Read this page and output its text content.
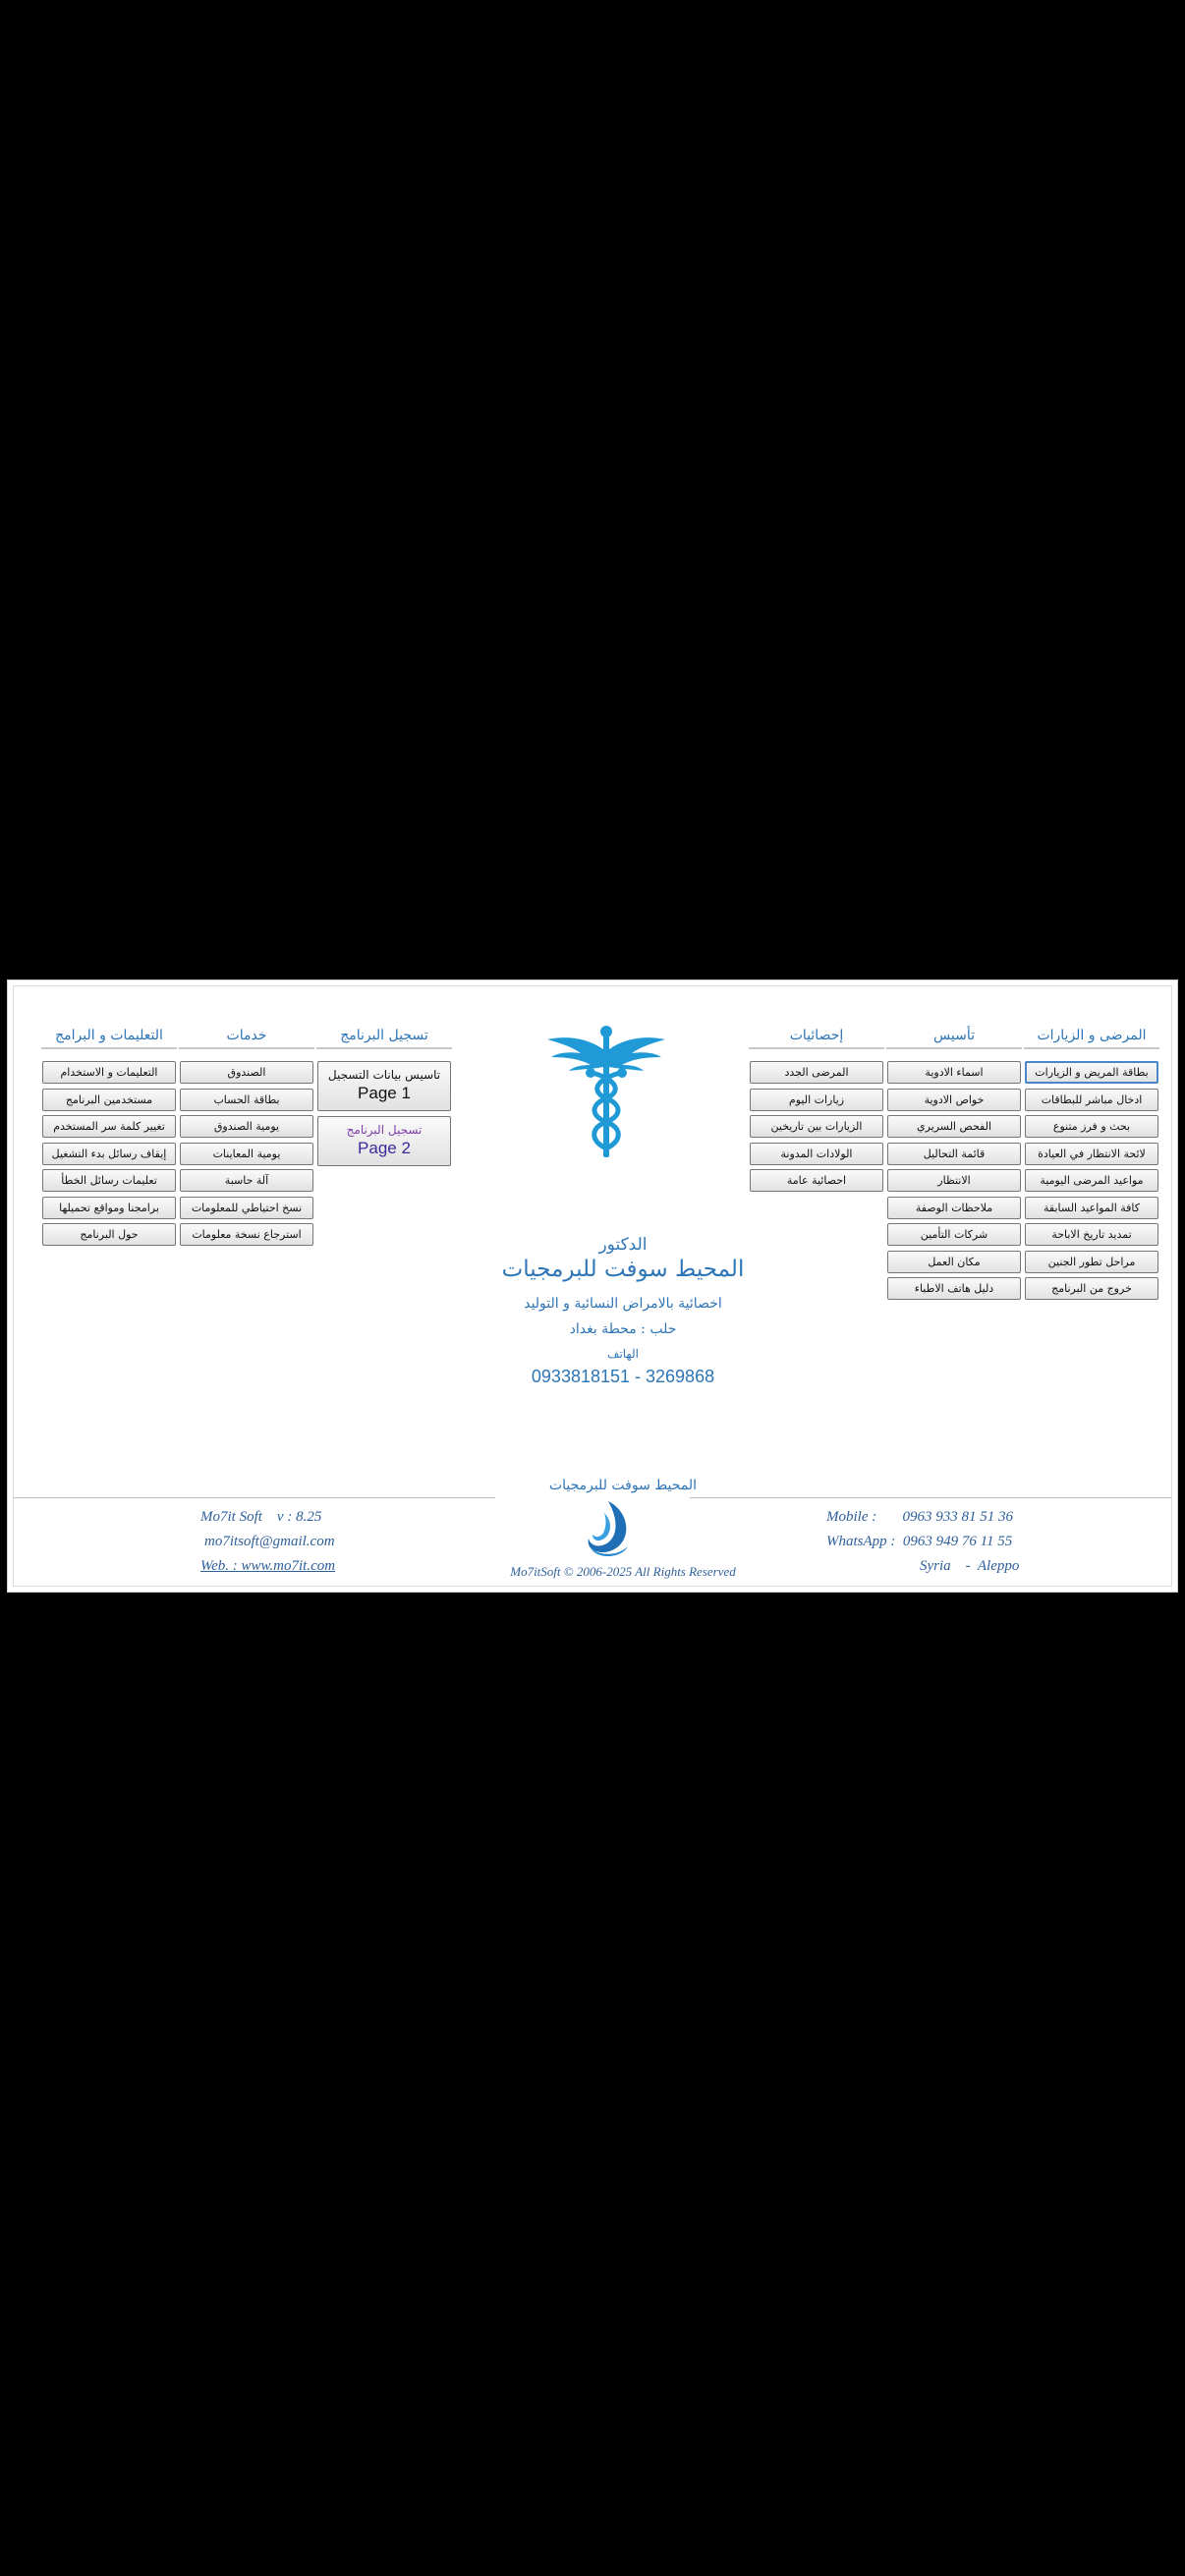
المرضى و الزيارات
بطاقة المريض و الزيارات
ادخال مباشر للبطاقات
بحث و فرز متنوع
لائحة الانتظار في العيادة
مواعيد المرضى اليومية
كافة المواعيد السابقة
تمديد تاريخ الاباحة
مراحل تطور الجنين
خروج من البرنامج
تأسيس
اسماء الادوية
خواص الادوية
الفحص السريري
قائمة التحاليل
الانتظار
ملاحظات الوصفة
شركات التأمين
مكان العمل
دليل هاتف الاطباء
إحصائيات
المرضى الجدد
زيارات اليوم
الزيارات بين تاريخين
الولادات المدونة
احصائية عامة
الدكتور
المحيط سوفت للبرمجيات
اخصائية بالامراض النسائية و التوليد
حلب : محطة بغداد
الهاتف
0933818151 - 3269868
تسجيل البرنامج
تاسيس بيانات التسجيل
Page 1
تسجيل البرنامج
Page 2
خدمات
الصندوق
بطاقة الحساب
يومية الصندوق
يومية المعاينات
آلة حاسبة
نسخ احتياطي للمعلومات
استرجاع نسخة معلومات
التعليمات و البرامج
التعليمات و الاستخدام
مستخدمين البرنامج
تغيير كلمة سر المستخدم
إيقاف رسائل بدء التشغيل
تعليمات رسائل الخطأ
برامجنا ومواقع تحميلها
حول البرنامج
المحيط سوفت للبرمجيات
Mo7it Soft    v : 8.25
mo7itsoft@gmail.com
Web. : www.mo7it.com
Mobile :       0963 933 81 51 36
WhatsApp :  0963 949 76 11 55
Syria    -  Aleppo
Mo7itSoft © 2006-2025 All Rights Reserved
